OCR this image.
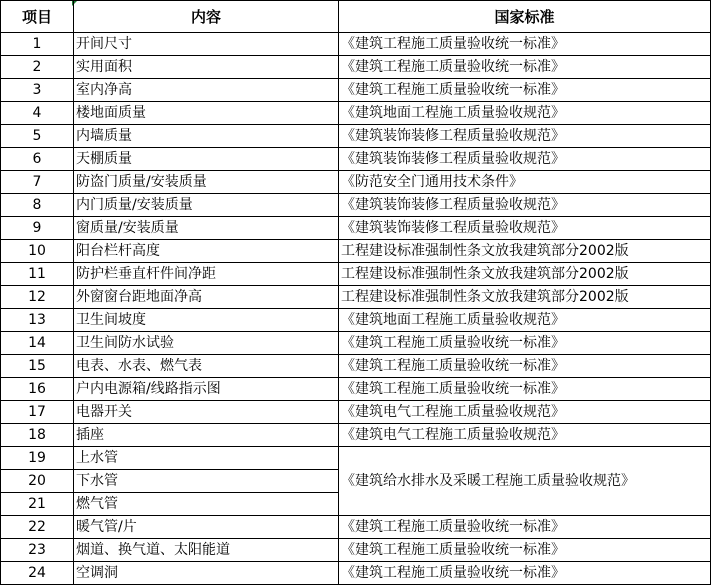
项目	内容	国家标准
1	开间尺寸	《建筑工程施工质量验收统一标准》
2	实用面积	《建筑工程施工质量验收统一标准》
3	室内净高	《建筑工程施工质量验收统一标准》
4	楼地面质量	《建筑地面工程施工质量验收规范》
5	内墙质量	《建筑装饰装修工程质量验收规范》
6	天棚质量	《建筑装饰装修工程质量验收规范》
7	防盗门质量/安装质量	《防范安全门通用技术条件》
8	内门质量/安装质量	《建筑装饰装修工程质量验收规范》
9	窗质量/安装质量	《建筑装饰装修工程质量验收规范》
10	阳台栏杆高度	工程建设标准强制性条文放我建筑部分2002版
11	防护栏垂直杆件间净距	工程建设标准强制性条文放我建筑部分2002版
12	外窗窗台距地面净高	工程建设标准强制性条文放我建筑部分2002版
13	卫生间坡度	《建筑地面工程施工质量验收规范》
14	卫生间防水试验	《建筑工程施工质量验收统一标准》
15	电表、水表、燃气表	《建筑工程施工质量验收统一标准》
16	户内电源箱/线路指示图	《建筑工程施工质量验收统一标准》
17	电器开关	《建筑电气工程施工质量验收规范》
18	插座	《建筑电气工程施工质量验收规范》
19	上水管	《建筑给水排水及采暖工程施工质量验收规范》
20	下水管	
21	燃气管	
22	暖气管/片	《建筑工程施工质量验收统一标准》
23	烟道、换气道、太阳能道	《建筑工程施工质量验收统一标准》
24	空调洞	《建筑工程施工质量验收统一标准》
